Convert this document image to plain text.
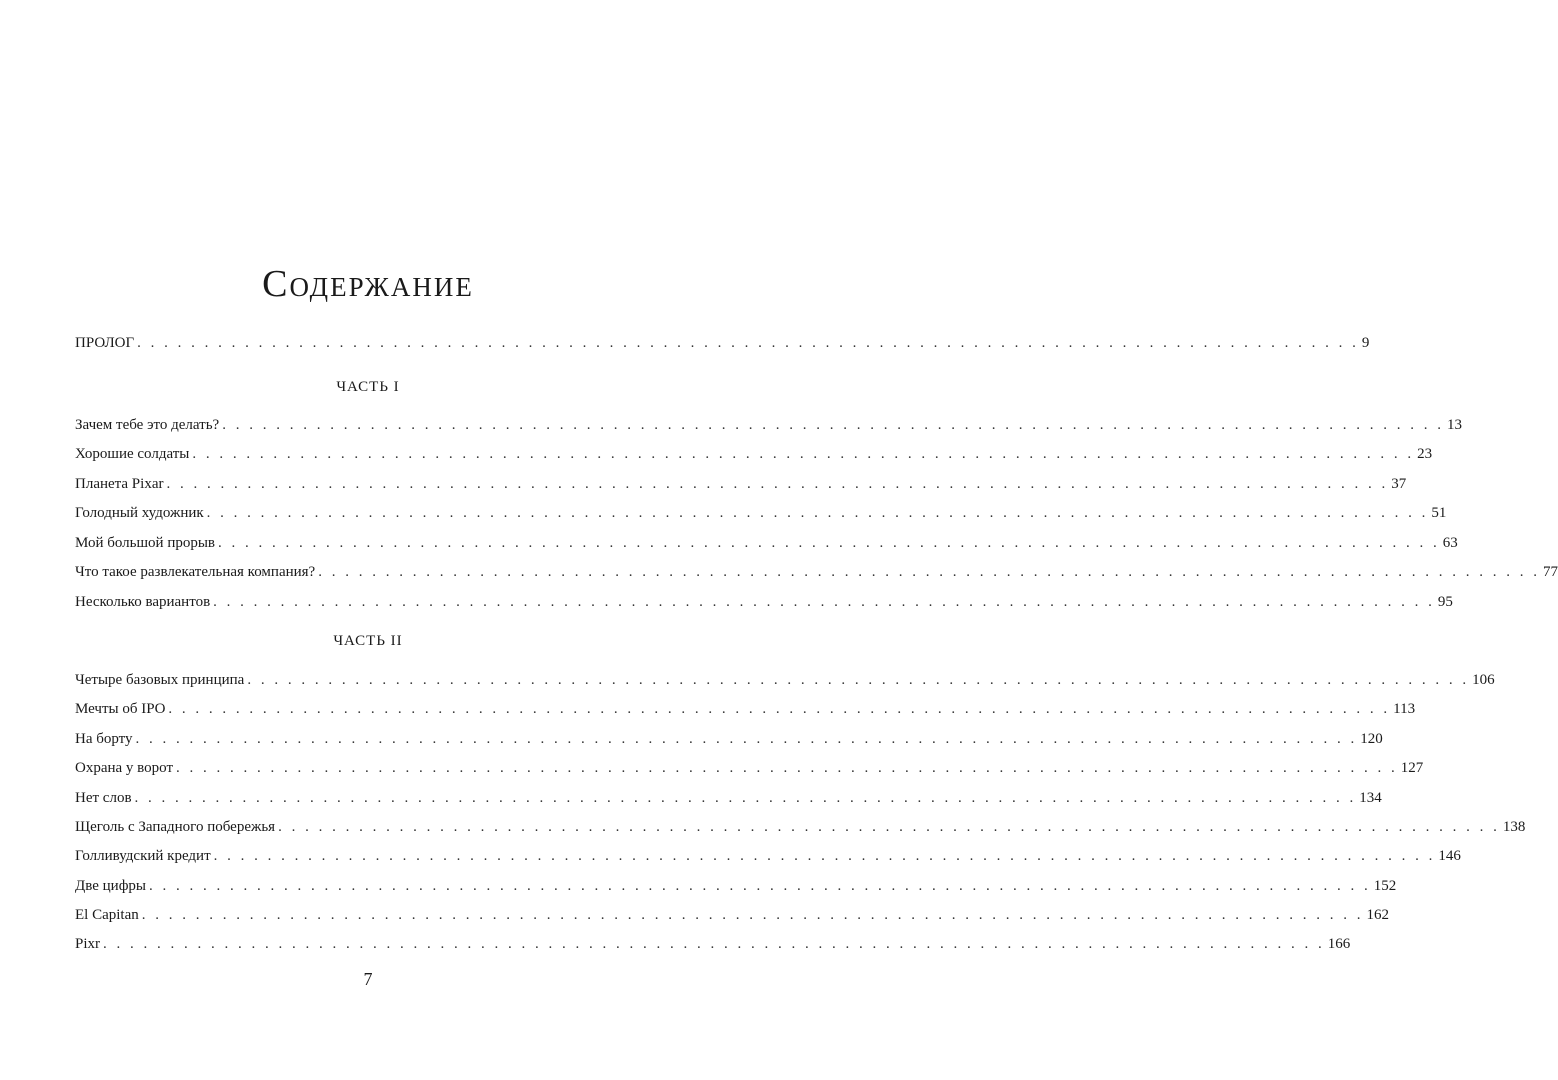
Содержание
ПРОЛОГ . . . . . . . . . . . . . . . . . . . . . . . . . . . . . . . . . . . . . . . . . . . . . . . . . . . . . . . . . . . . . . . . . . . . . . . . . . . . . . . . . . . . . . . . . . . 9
ЧАСТЬ I
Зачем тебе это делать? . . . . . . . . . . . . . . . . . . . . . . . . . . . . . . . . . . . . . . . . . . . . . . . . . . . . . . . . . . . . . . . . . . . . . . . . . . . . . . . . . . . . . . . . . . . 13
Хорошие солдаты . . . . . . . . . . . . . . . . . . . . . . . . . . . . . . . . . . . . . . . . . . . . . . . . . . . . . . . . . . . . . . . . . . . . . . . . . . . . . . . . . . . . . . . . . . . 23
Планета Pixar . . . . . . . . . . . . . . . . . . . . . . . . . . . . . . . . . . . . . . . . . . . . . . . . . . . . . . . . . . . . . . . . . . . . . . . . . . . . . . . . . . . . . . . . . . . 37
Голодный художник . . . . . . . . . . . . . . . . . . . . . . . . . . . . . . . . . . . . . . . . . . . . . . . . . . . . . . . . . . . . . . . . . . . . . . . . . . . . . . . . . . . . . . . . . . . 51
Мой большой прорыв . . . . . . . . . . . . . . . . . . . . . . . . . . . . . . . . . . . . . . . . . . . . . . . . . . . . . . . . . . . . . . . . . . . . . . . . . . . . . . . . . . . . . . . . . . . 63
Что такое развлекательная компания? . . . . . . . . . . . . . . . . . . . . . . . . . . . . . . . . . . . . . . . . . . . . . . . . . . . . . . . . . . . . . . . . . . . . . . . . . . . . . . . . . . . . . . . . . . . 77
Несколько вариантов . . . . . . . . . . . . . . . . . . . . . . . . . . . . . . . . . . . . . . . . . . . . . . . . . . . . . . . . . . . . . . . . . . . . . . . . . . . . . . . . . . . . . . . . . . . 95
ЧАСТЬ II
Четыре базовых принципа . . . . . . . . . . . . . . . . . . . . . . . . . . . . . . . . . . . . . . . . . . . . . . . . . . . . . . . . . . . . . . . . . . . . . . . . . . . . . . . . . . . . . . . . . . . 106
Мечты об IPO . . . . . . . . . . . . . . . . . . . . . . . . . . . . . . . . . . . . . . . . . . . . . . . . . . . . . . . . . . . . . . . . . . . . . . . . . . . . . . . . . . . . . . . . . . . 113
На борту . . . . . . . . . . . . . . . . . . . . . . . . . . . . . . . . . . . . . . . . . . . . . . . . . . . . . . . . . . . . . . . . . . . . . . . . . . . . . . . . . . . . . . . . . . . 120
Охрана у ворот . . . . . . . . . . . . . . . . . . . . . . . . . . . . . . . . . . . . . . . . . . . . . . . . . . . . . . . . . . . . . . . . . . . . . . . . . . . . . . . . . . . . . . . . . . . 127
Нет слов . . . . . . . . . . . . . . . . . . . . . . . . . . . . . . . . . . . . . . . . . . . . . . . . . . . . . . . . . . . . . . . . . . . . . . . . . . . . . . . . . . . . . . . . . . . 134
Щеголь с Западного побережья . . . . . . . . . . . . . . . . . . . . . . . . . . . . . . . . . . . . . . . . . . . . . . . . . . . . . . . . . . . . . . . . . . . . . . . . . . . . . . . . . . . . . . . . . . . 138
Голливудский кредит . . . . . . . . . . . . . . . . . . . . . . . . . . . . . . . . . . . . . . . . . . . . . . . . . . . . . . . . . . . . . . . . . . . . . . . . . . . . . . . . . . . . . . . . . . . 146
Две цифры . . . . . . . . . . . . . . . . . . . . . . . . . . . . . . . . . . . . . . . . . . . . . . . . . . . . . . . . . . . . . . . . . . . . . . . . . . . . . . . . . . . . . . . . . . . 152
El Capitan . . . . . . . . . . . . . . . . . . . . . . . . . . . . . . . . . . . . . . . . . . . . . . . . . . . . . . . . . . . . . . . . . . . . . . . . . . . . . . . . . . . . . . . . . . . 162
Pixr . . . . . . . . . . . . . . . . . . . . . . . . . . . . . . . . . . . . . . . . . . . . . . . . . . . . . . . . . . . . . . . . . . . . . . . . . . . . . . . . . . . . . . . . . . . 166
7
